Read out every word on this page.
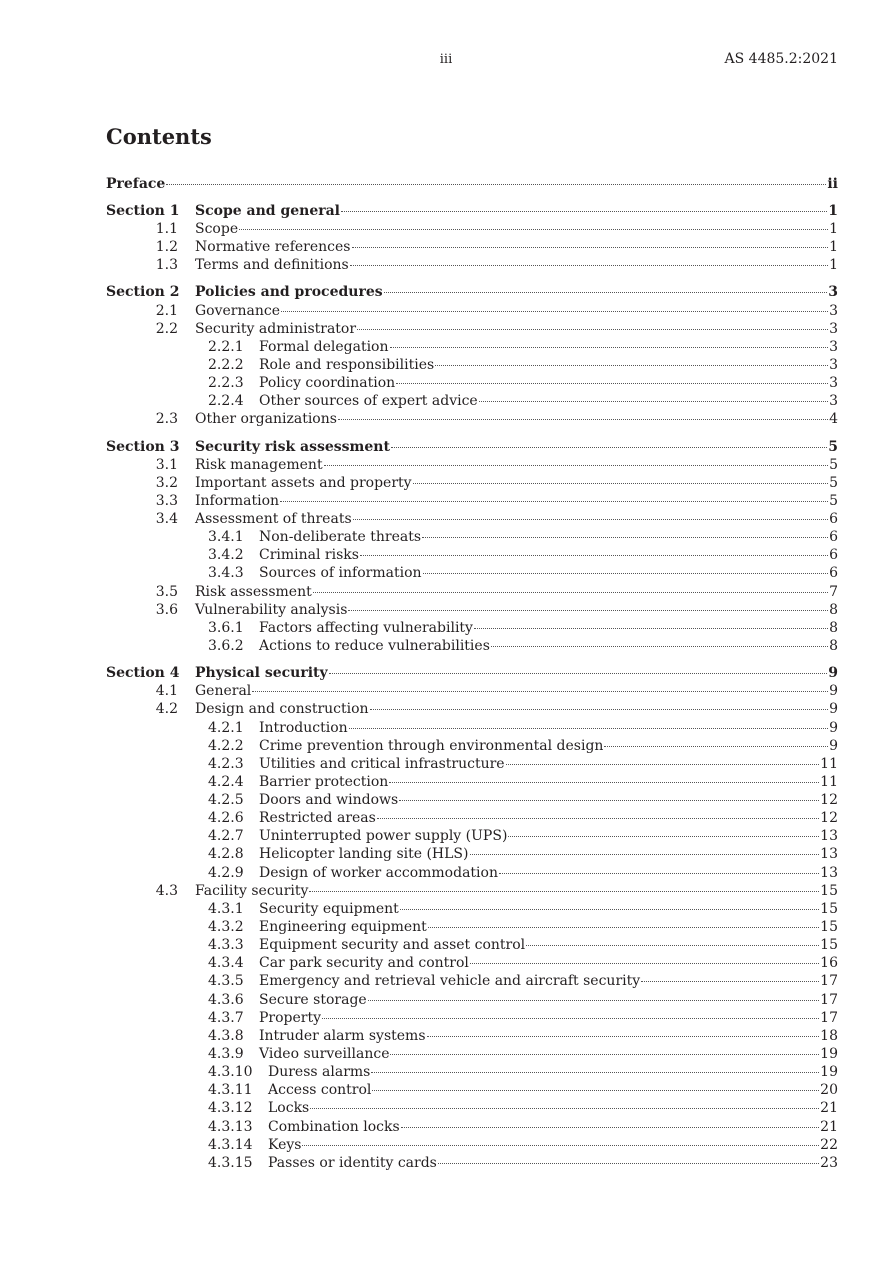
iii	AS 4485.2:2021
Contents
Preface	ii
Section 1 Scope and general	1
1.1 Scope	1
1.2 Normative references	1
1.3 Terms and definitions	1
Section 2 Policies and procedures	3
2.1 Governance	3
2.2 Security administrator	3
2.2.1 Formal delegation	3
2.2.2 Role and responsibilities	3
2.2.3 Policy coordination	3
2.2.4 Other sources of expert advice	3
2.3 Other organizations	4
Section 3 Security risk assessment	5
3.1 Risk management	5
3.2 Important assets and property	5
3.3 Information	5
3.4 Assessment of threats	6
3.4.1 Non-deliberate threats	6
3.4.2 Criminal risks	6
3.4.3 Sources of information	6
3.5 Risk assessment	7
3.6 Vulnerability analysis	8
3.6.1 Factors affecting vulnerability	8
3.6.2 Actions to reduce vulnerabilities	8
Section 4 Physical security	9
4.1 General	9
4.2 Design and construction	9
4.2.1 Introduction	9
4.2.2 Crime prevention through environmental design	9
4.2.3 Utilities and critical infrastructure	11
4.2.4 Barrier protection	11
4.2.5 Doors and windows	12
4.2.6 Restricted areas	12
4.2.7 Uninterrupted power supply (UPS)	13
4.2.8 Helicopter landing site (HLS)	13
4.2.9 Design of worker accommodation	13
4.3 Facility security	15
4.3.1 Security equipment	15
4.3.2 Engineering equipment	15
4.3.3 Equipment security and asset control	15
4.3.4 Car park security and control	16
4.3.5 Emergency and retrieval vehicle and aircraft security	17
4.3.6 Secure storage	17
4.3.7 Property	17
4.3.8 Intruder alarm systems	18
4.3.9 Video surveillance	19
4.3.10 Duress alarms	19
4.3.11 Access control	20
4.3.12 Locks	21
4.3.13 Combination locks	21
4.3.14 Keys	22
4.3.15 Passes or identity cards	23
